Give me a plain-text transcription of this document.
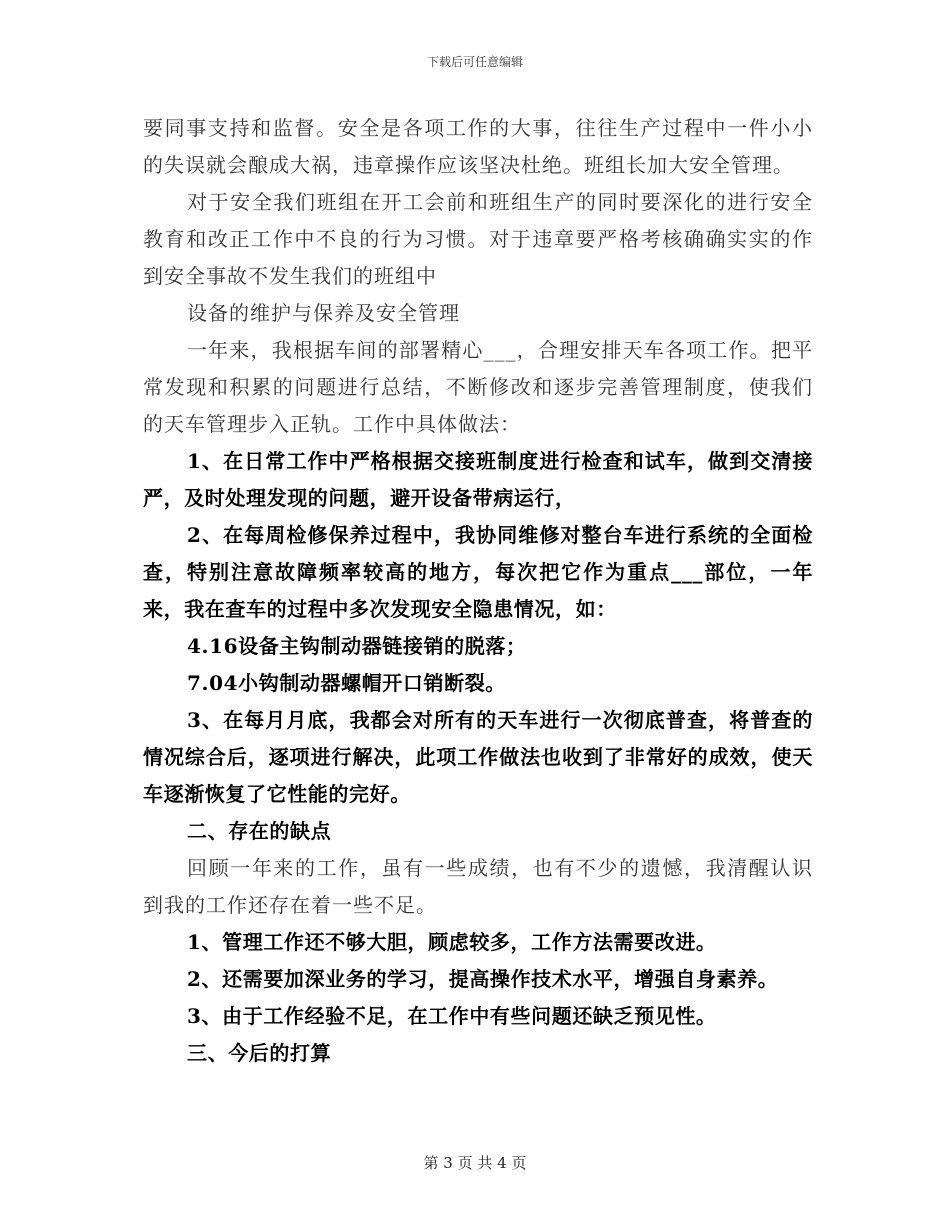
下载后可任意编辑

要同事支持和监督。安全是各项工作的大事，往往生产过程中一件小小的失误就会酿成大祸，违章操作应该坚决杜绝。班组长加大安全管理。

对于安全我们班组在开工会前和班组生产的同时要深化的进行安全教育和改正工作中不良的行为习惯。对于违章要严格考核确确实实的作到安全事故不发生我们的班组中

设备的维护与保养及安全管理

一年来，我根据车间的部署精心___，合理安排天车各项工作。把平常发现和积累的问题进行总结，不断修改和逐步完善管理制度，使我们的天车管理步入正轨。工作中具体做法：

1、在日常工作中严格根据交接班制度进行检查和试车，做到交清接严，及时处理发现的问题，避开设备带病运行，

2、在每周检修保养过程中，我协同维修对整台车进行系统的全面检查，特别注意故障频率较高的地方，每次把它作为重点___部位，一年来，我在查车的过程中多次发现安全隐患情况，如：

4.16设备主钩制动器链接销的脱落；

7.04小钩制动器螺帽开口销断裂。

3、在每月月底，我都会对所有的天车进行一次彻底普查，将普查的情况综合后，逐项进行解决，此项工作做法也收到了非常好的成效，使天车逐渐恢复了它性能的完好。

二、存在的缺点

回顾一年来的工作，虽有一些成绩，也有不少的遗憾，我清醒认识到我的工作还存在着一些不足。

1、管理工作还不够大胆，顾虑较多，工作方法需要改进。

2、还需要加深业务的学习，提高操作技术水平，增强自身素养。

3、由于工作经验不足，在工作中有些问题还缺乏预见性。

三、今后的打算

第 3 页 共 4 页
